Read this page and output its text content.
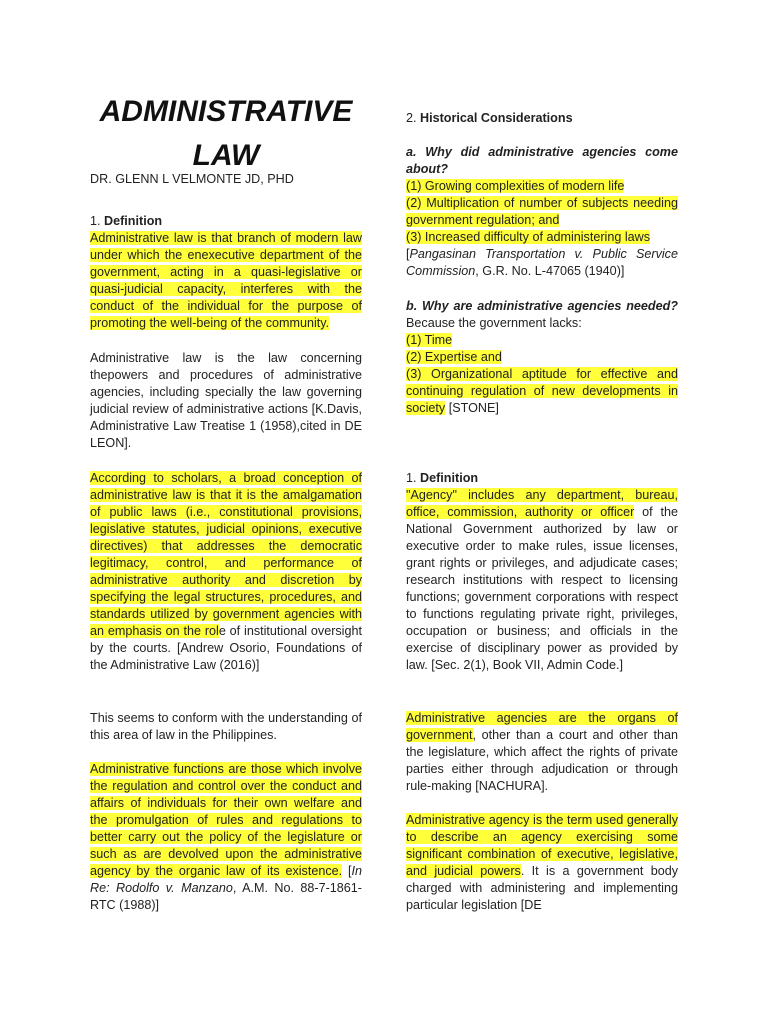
ADMINISTRATIVE
LAW
DR. GLENN L VELMONTE JD, PHD

1. Definition
Administrative law is that branch of modern law under which the enexecutive department of the government, acting in a quasi-legislative or quasi-judicial capacity, interferes with the conduct of the individual for the purpose of promoting the well-being of the community.

Administrative law is the law concerning thepowers and procedures of administrative agencies, including specially the law governing judicial review of administrative actions [K.Davis, Administrative Law Treatise 1 (1958),cited in DE LEON].

According to scholars, a broad conception of administrative law is that it is the amalgamation of public laws (i.e., constitutional provisions, legislative statutes, judicial opinions, executive directives) that addresses the democratic legitimacy, control, and performance of administrative authority and discretion by specifying the legal structures, procedures, and standards utilized by government agencies with an emphasis on the role of institutional oversight by the courts. [Andrew Osorio, Foundations of the Administrative Law (2016)]

This seems to conform with the understanding of this area of law in the Philippines.

Administrative functions are those which involve the regulation and control over the conduct and affairs of individuals for their own welfare and the promulgation of rules and regulations to better carry out the policy of the legislature or such as are devolved upon the administrative agency by the organic law of its existence. [In Re: Rodolfo v. Manzano, A.M. No. 88-7-1861-RTC (1988)]

2. Historical Considerations

a. Why did administrative agencies come about?
(1) Growing complexities of modern life
(2) Multiplication of number of subjects needing government regulation; and
(3) Increased difficulty of administering laws
[Pangasinan Transportation v. Public Service Commission, G.R. No. L-47065 (1940)]

b. Why are administrative agencies needed? Because the government lacks:
(1) Time
(2) Expertise and
(3) Organizational aptitude for effective and continuing regulation of new developments in society [STONE]

1. Definition
"Agency" includes any department, bureau, office, commission, authority or officer of the National Government authorized by law or executive order to make rules, issue licenses, grant rights or privileges, and adjudicate cases; research institutions with respect to licensing functions; government corporations with respect to functions regulating private right, privileges, occupation or business; and officials in the exercise of disciplinary power as provided by law. [Sec. 2(1), Book VII, Admin Code.]

Administrative agencies are the organs of government, other than a court and other than the legislature, which affect the rights of private parties either through adjudication or through rule-making [NACHURA].

Administrative agency is the term used generally to describe an agency exercising some significant combination of executive, legislative, and judicial powers. It is a government body charged with administering and implementing particular legislation [DE
